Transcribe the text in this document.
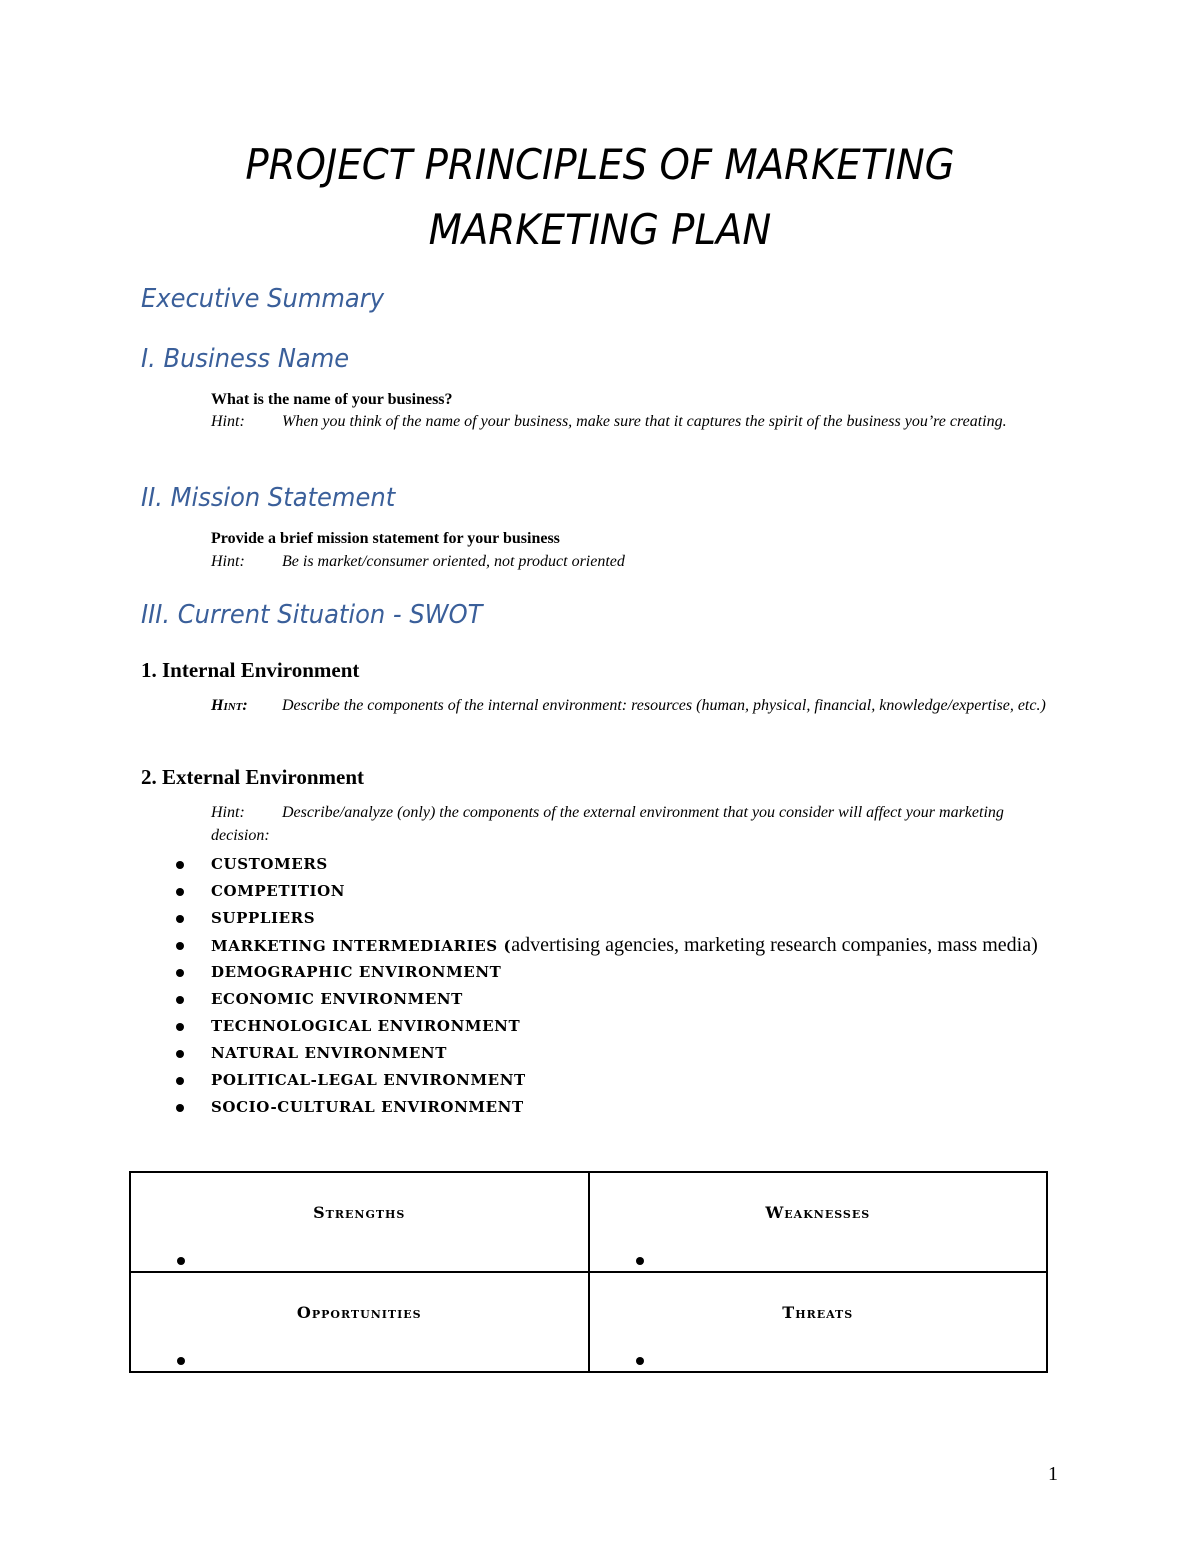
PROJECT PRINCIPLES OF MARKETING
MARKETING PLAN
Executive Summary
I. Business Name
What is the name of your business?
Hint: When you think of the name of your business, make sure that it captures the spirit of the business you’re creating.
II. Mission Statement
Provide a brief mission statement for your business
Hint: Be is market/consumer oriented, not product oriented
III. Current Situation - SWOT
1. Internal Environment
Hint: Describe the components of the internal environment: resources (human, physical, financial, knowledge/expertise, etc.)
2. External Environment
Hint: Describe/analyze (only) the components of the external environment that you consider will affect your marketing decision:
CUSTOMERS
COMPETITION
SUPPLIERS
MARKETING INTERMEDIARIES (advertising agencies, marketing research companies, mass media)
DEMOGRAPHIC ENVIRONMENT
ECONOMIC ENVIRONMENT
TECHNOLOGICAL ENVIRONMENT
NATURAL ENVIRONMENT
POLITICAL-LEGAL ENVIRONMENT
SOCIO-CULTURAL ENVIRONMENT
Strengths	Weaknesses

Opportunities	Threats
1
